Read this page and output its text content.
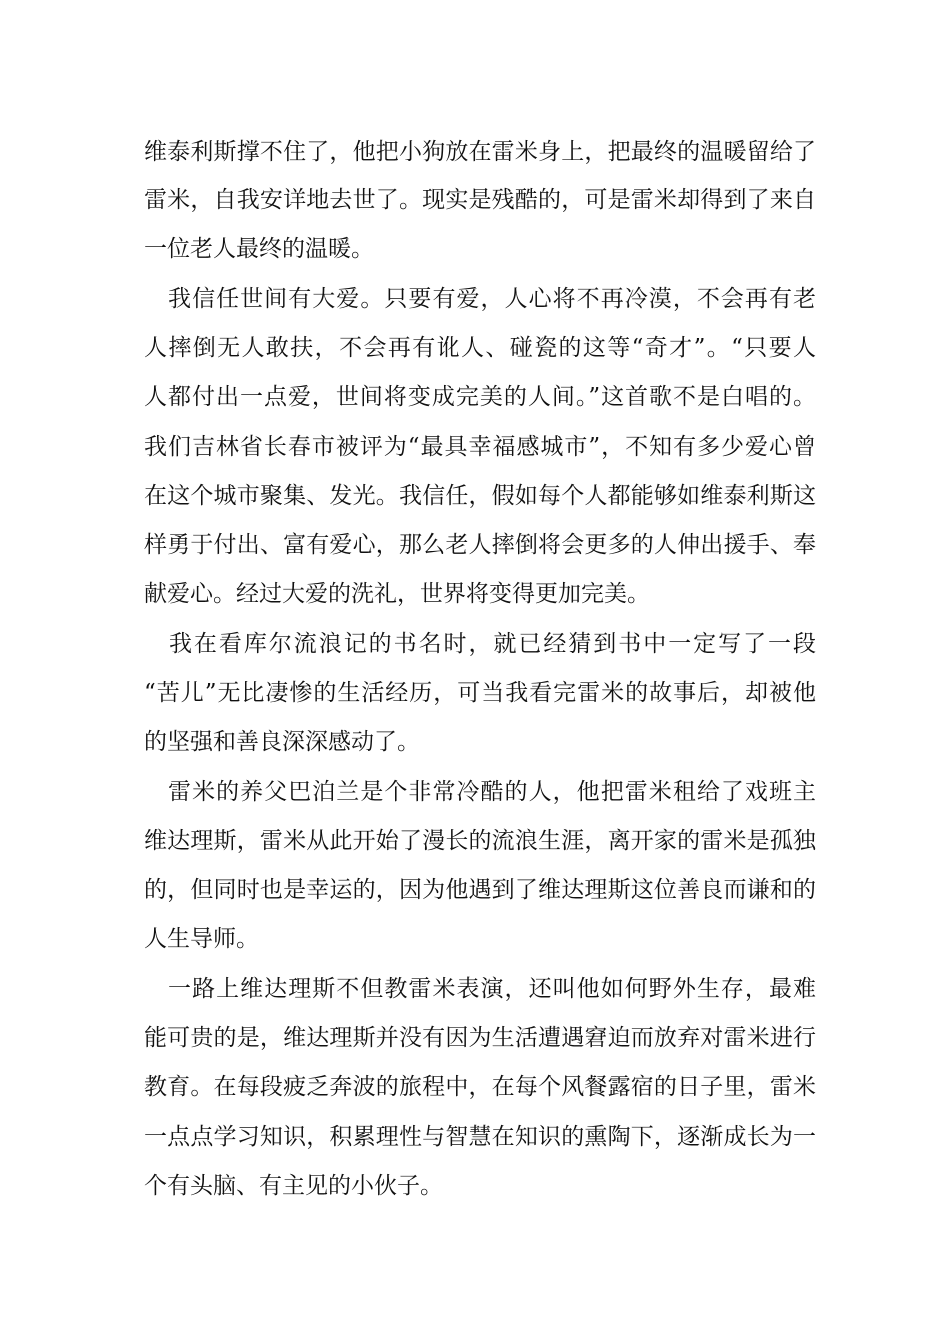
维泰利斯撑不住了，他把小狗放在雷米身上，把最终的温暖留给了
雷米，自我安详地去世了。现实是残酷的，可是雷米却得到了来自
一位老人最终的温暖。
　我信任世间有大爱。只要有爱，人心将不再冷漠，不会再有老
人摔倒无人敢扶，不会再有讹人、碰瓷的这等“奇才”。“只要人
人都付出一点爱，世间将变成完美的人间。”这首歌不是白唱的。
我们吉林省长春市被评为“最具幸福感城市”，不知有多少爱心曾
在这个城市聚集、发光。我信任，假如每个人都能够如维泰利斯这
样勇于付出、富有爱心，那么老人摔倒将会更多的人伸出援手、奉
献爱心。经过大爱的洗礼，世界将变得更加完美。
　我在看库尔流浪记的书名时，就已经猜到书中一定写了一段
“苦儿”无比凄惨的生活经历，可当我看完雷米的故事后，却被他
的坚强和善良深深感动了。
　雷米的养父巴泊兰是个非常冷酷的人，他把雷米租给了戏班主
维达理斯，雷米从此开始了漫长的流浪生涯，离开家的雷米是孤独
的，但同时也是幸运的，因为他遇到了维达理斯这位善良而谦和的
人生导师。
　一路上维达理斯不但教雷米表演，还叫他如何野外生存，最难
能可贵的是，维达理斯并没有因为生活遭遇窘迫而放弃对雷米进行
教育。在每段疲乏奔波的旅程中，在每个风餐露宿的日子里，雷米
一点点学习知识，积累理性与智慧在知识的熏陶下，逐渐成长为一
个有头脑、有主见的小伙子。
